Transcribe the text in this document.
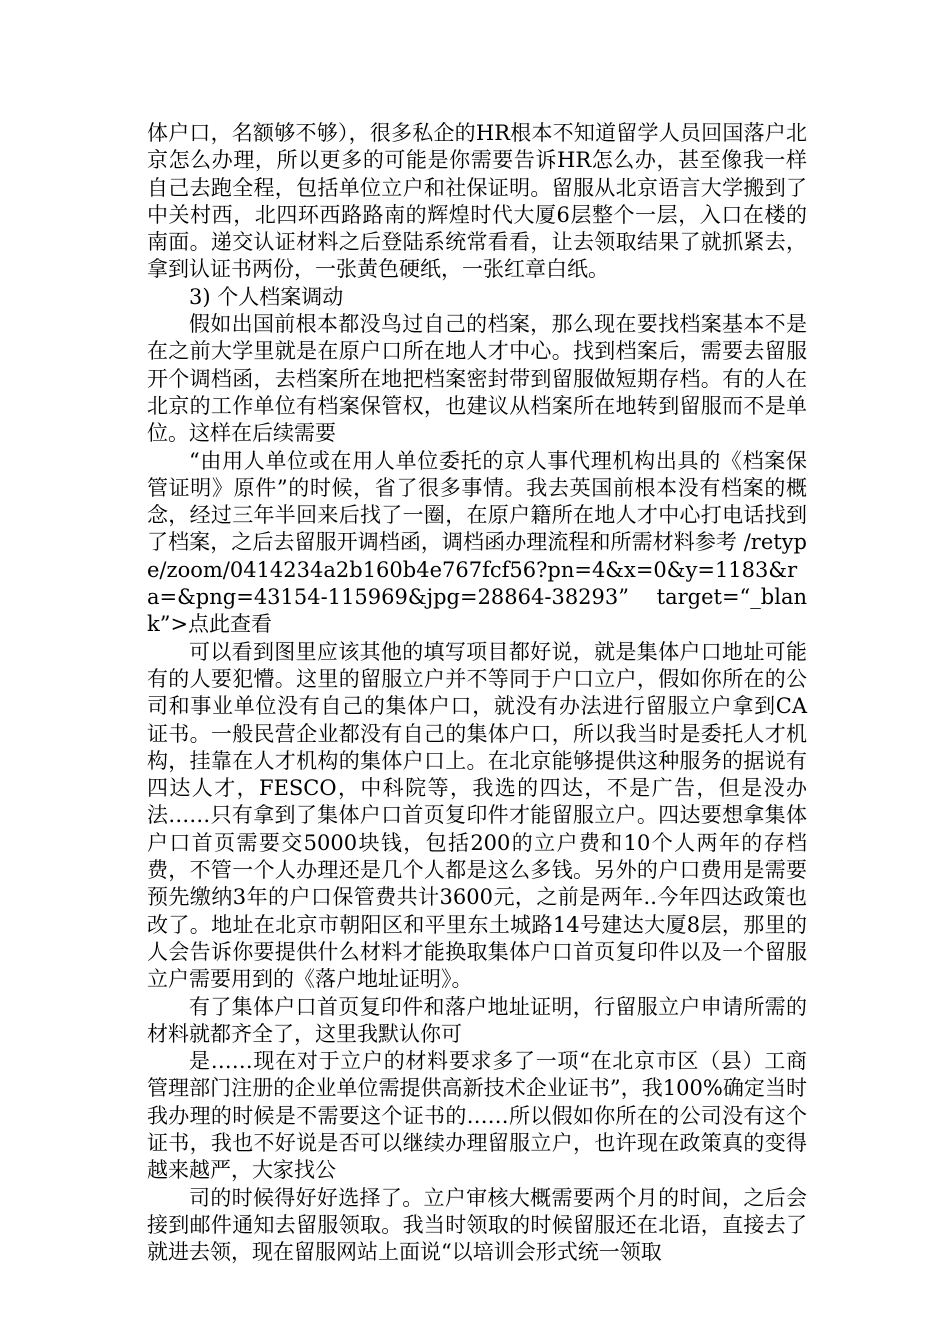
体户口，名额够不够），很多私企的HR根本不知道留学人员回国落户北京怎么办理，所以更多的可能是你需要告诉HR怎么办，甚至像我一样自己去跑全程，包括单位立户和社保证明。留服从北京语言大学搬到了中关村西，北四环西路路南的辉煌时代大厦6层整个一层，入口在楼的南面。递交认证材料之后登陆系统常看看，让去领取结果了就抓紧去，拿到认证书两份，一张黄色硬纸，一张红章白纸。

3) 个人档案调动

假如出国前根本都没鸟过自己的档案，那么现在要找档案基本不是在之前大学里就是在原户口所在地人才中心。找到档案后，需要去留服开个调档函，去档案所在地把档案密封带到留服做短期存档。有的人在北京的工作单位有档案保管权，也建议从档案所在地转到留服而不是单位。这样在后续需要

“由用人单位或在用人单位委托的京人事代理机构出具的《档案保管证明》原件”的时候，省了很多事情。我去英国前根本没有档案的概念，经过三年半回来后找了一圈，在原户籍所在地人才中心打电话找到了档案，之后去留服开调档函，调档函办理流程和所需材料参考 /retype/zoom/0414234a2b160b4e767fcf56?pn=4&x=0&y=1183&ra=&png=43154-115969&jpg=28864-38293” target=“_blank”>点此查看

可以看到图里应该其他的填写项目都好说，就是集体户口地址可能有的人要犯懵。这里的留服立户并不等同于户口立户，假如你所在的公司和事业单位没有自己的集体户口，就没有办法进行留服立户拿到CA证书。一般民营企业都没有自己的集体户口，所以我当时是委托人才机构，挂靠在人才机构的集体户口上。在北京能够提供这种服务的据说有四达人才，FESCO，中科院等，我选的四达，不是广告，但是没办法……只有拿到了集体户口首页复印件才能留服立户。四达要想拿集体户口首页需要交5000块钱，包括200的立户费和10个人两年的存档费，不管一个人办理还是几个人都是这么多钱。另外的户口费用是需要预先缴纳3年的户口保管费共计3600元，之前是两年..今年四达政策也改了。地址在北京市朝阳区和平里东土城路14号建达大厦8层，那里的人会告诉你要提供什么材料才能换取集体户口首页复印件以及一个留服立户需要用到的《落户地址证明》。

有了集体户口首页复印件和落户地址证明，行留服立户申请所需的材料就都齐全了，这里我默认你可

是……现在对于立户的材料要求多了一项“在北京市区（县）工商管理部门注册的企业单位需提供高新技术企业证书”，我100%确定当时我办理的时候是不需要这个证书的……所以假如你所在的公司没有这个证书，我也不好说是否可以继续办理留服立户，也许现在政策真的变得越来越严，大家找公

司的时候得好好选择了。立户审核大概需要两个月的时间，之后会接到邮件通知去留服领取。我当时领取的时候留服还在北语，直接去了就进去领，现在留服网站上面说“以培训会形式统一领取
